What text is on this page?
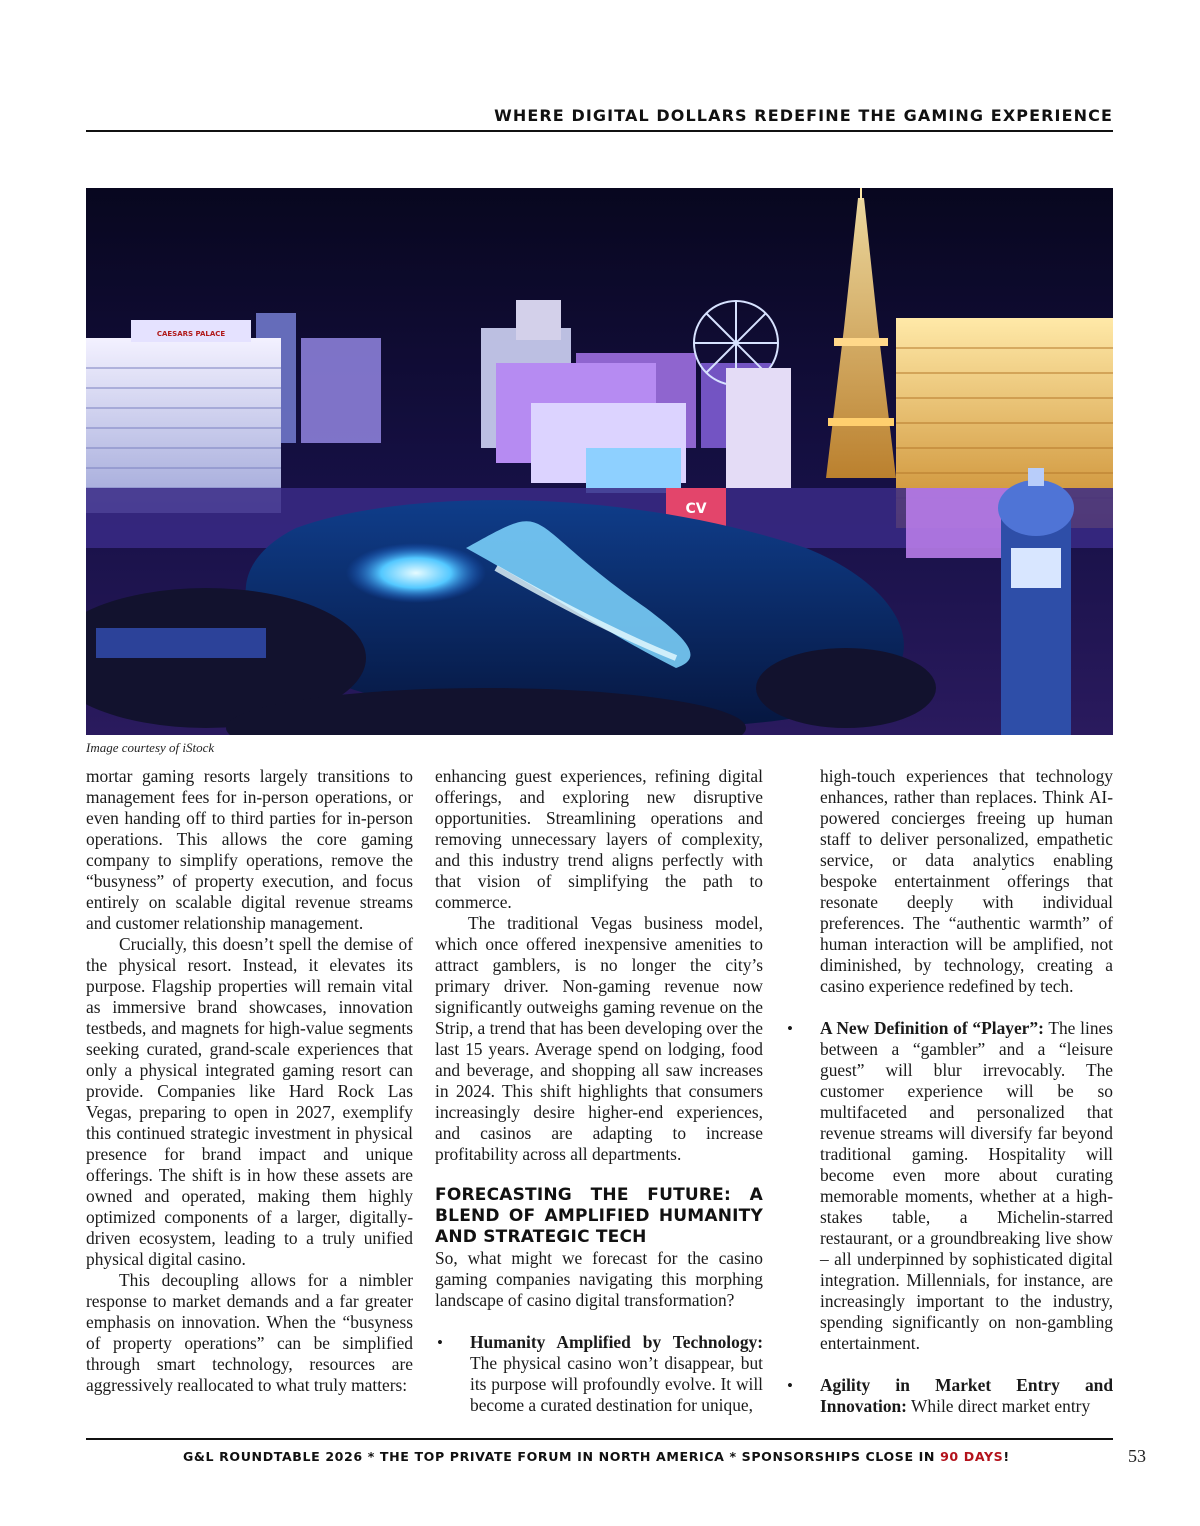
WHERE DIGITAL DOLLARS REDEFINE THE GAMING EXPERIENCE
CAESARS PALACE
CV
Image courtesy of iStock

mortar gaming resorts largely transitions to management fees for in-person operations, or even handing off to third parties for in-person operations. This allows the core gaming company to simplify operations, remove the “busyness” of property execution, and focus entirely on scalable digital revenue streams and customer relationship management.

Crucially, this doesn’t spell the demise of the physical resort. Instead, it elevates its purpose. Flagship properties will remain vital as immersive brand showcases, innovation testbeds, and magnets for high-value segments seeking curated, grand-scale experiences that only a physical integrated gaming resort can provide. Companies like Hard Rock Las Vegas, preparing to open in 2027, exemplify this continued strategic investment in physical presence for brand impact and unique offerings. The shift is in how these assets are owned and operated, making them highly optimized components of a larger, digitally-driven ecosystem, leading to a truly unified physical digital casino.

This decoupling allows for a nimbler response to market demands and a far greater emphasis on innovation. When the “busyness of property operations” can be simplified through smart technology, resources are aggressively reallocated to what truly matters:

enhancing guest experiences, refining digital offerings, and exploring new disruptive opportunities. Streamlining operations and removing unnecessary layers of complexity, and this industry trend aligns perfectly with that vision of simplifying the path to commerce.

The traditional Vegas business model, which once offered inexpensive amenities to attract gamblers, is no longer the city’s primary driver. Non-gaming revenue now significantly outweighs gaming revenue on the Strip, a trend that has been developing over the last 15 years. Average spend on lodging, food and beverage, and shopping all saw increases in 2024. This shift highlights that consumers increasingly desire higher-end experiences, and casinos are adapting to increase profitability across all departments.

FORECASTING THE FUTURE: A BLEND OF AMPLIFIED HUMANITY AND STRATEGIC TECH

So, what might we forecast for the casino gaming companies navigating this morphing landscape of casino digital transformation?

• Humanity Amplified by Technology: The physical casino won’t disappear, but its purpose will profoundly evolve. It will become a curated destination for unique,
high-touch experiences that technology enhances, rather than replaces. Think AI-powered concierges freeing up human staff to deliver personalized, empathetic service, or data analytics enabling bespoke entertainment offerings that resonate deeply with individual preferences. The “authentic warmth” of human interaction will be amplified, not diminished, by technology, creating a casino experience redefined by tech.
• A New Definition of “Player”: The lines between a “gambler” and a “leisure guest” will blur irrevocably. The customer experience will be so multifaceted and personalized that revenue streams will diversify far beyond traditional gaming. Hospitality will become even more about curating memorable moments, whether at a high-stakes table, a Michelin-starred restaurant, or a groundbreaking live show – all underpinned by sophisticated digital integration. Millennials, for instance, are increasingly important to the industry, spending significantly on non-gambling entertainment.
• Agility in Market Entry and Innovation: While direct market entry
G&L ROUNDTABLE 2026 * THE TOP PRIVATE FORUM IN NORTH AMERICA * SPONSORSHIPS CLOSE IN 90 DAYS!	53
